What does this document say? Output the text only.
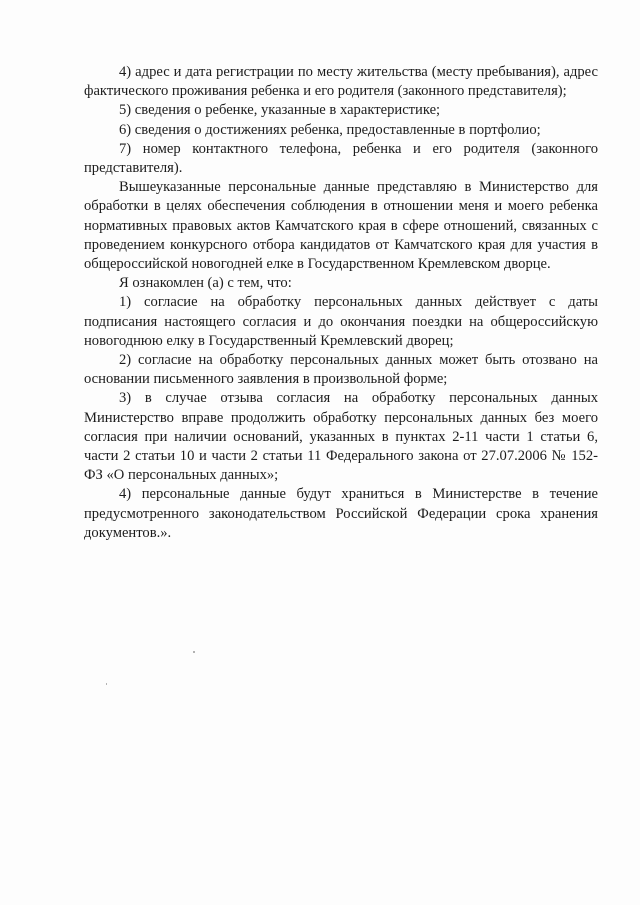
4) адрес и дата регистрации по месту жительства (месту пребывания), адрес фактического проживания ребенка и его родителя (законного представителя);

5) сведения о ребенке, указанные в характеристике;

6) сведения о достижениях ребенка, предоставленные в портфолио;

7) номер контактного телефона, ребенка и его родителя (законного представителя).

Вышеуказанные персональные данные представляю в Министерство для обработки в целях обеспечения соблюдения в отношении меня и моего ребенка нормативных правовых актов Камчатского края в сфере отношений, связанных с проведением конкурсного отбора кандидатов от Камчатского края для участия в общероссийской новогодней елке в Государственном Кремлевском дворце.

Я ознакомлен (а) с тем, что:

1) согласие на обработку персональных данных действует с даты подписания настоящего согласия и до окончания поездки на общероссийскую новогоднюю елку в Государственный Кремлевский дворец;

2) согласие на обработку персональных данных может быть отозвано на основании письменного заявления в произвольной форме;

3) в случае отзыва согласия на обработку персональных данных Министерство вправе продолжить обработку персональных данных без моего согласия при наличии оснований, указанных в пунктах 2-11 части 1 статьи 6, части 2 статьи 10 и части 2 статьи 11 Федерального закона от 27.07.2006 № 152-ФЗ «О персональных данных»;

4) персональные данные будут храниться в Министерстве в течение предусмотренного законодательством Российской Федерации срока хранения документов.».
